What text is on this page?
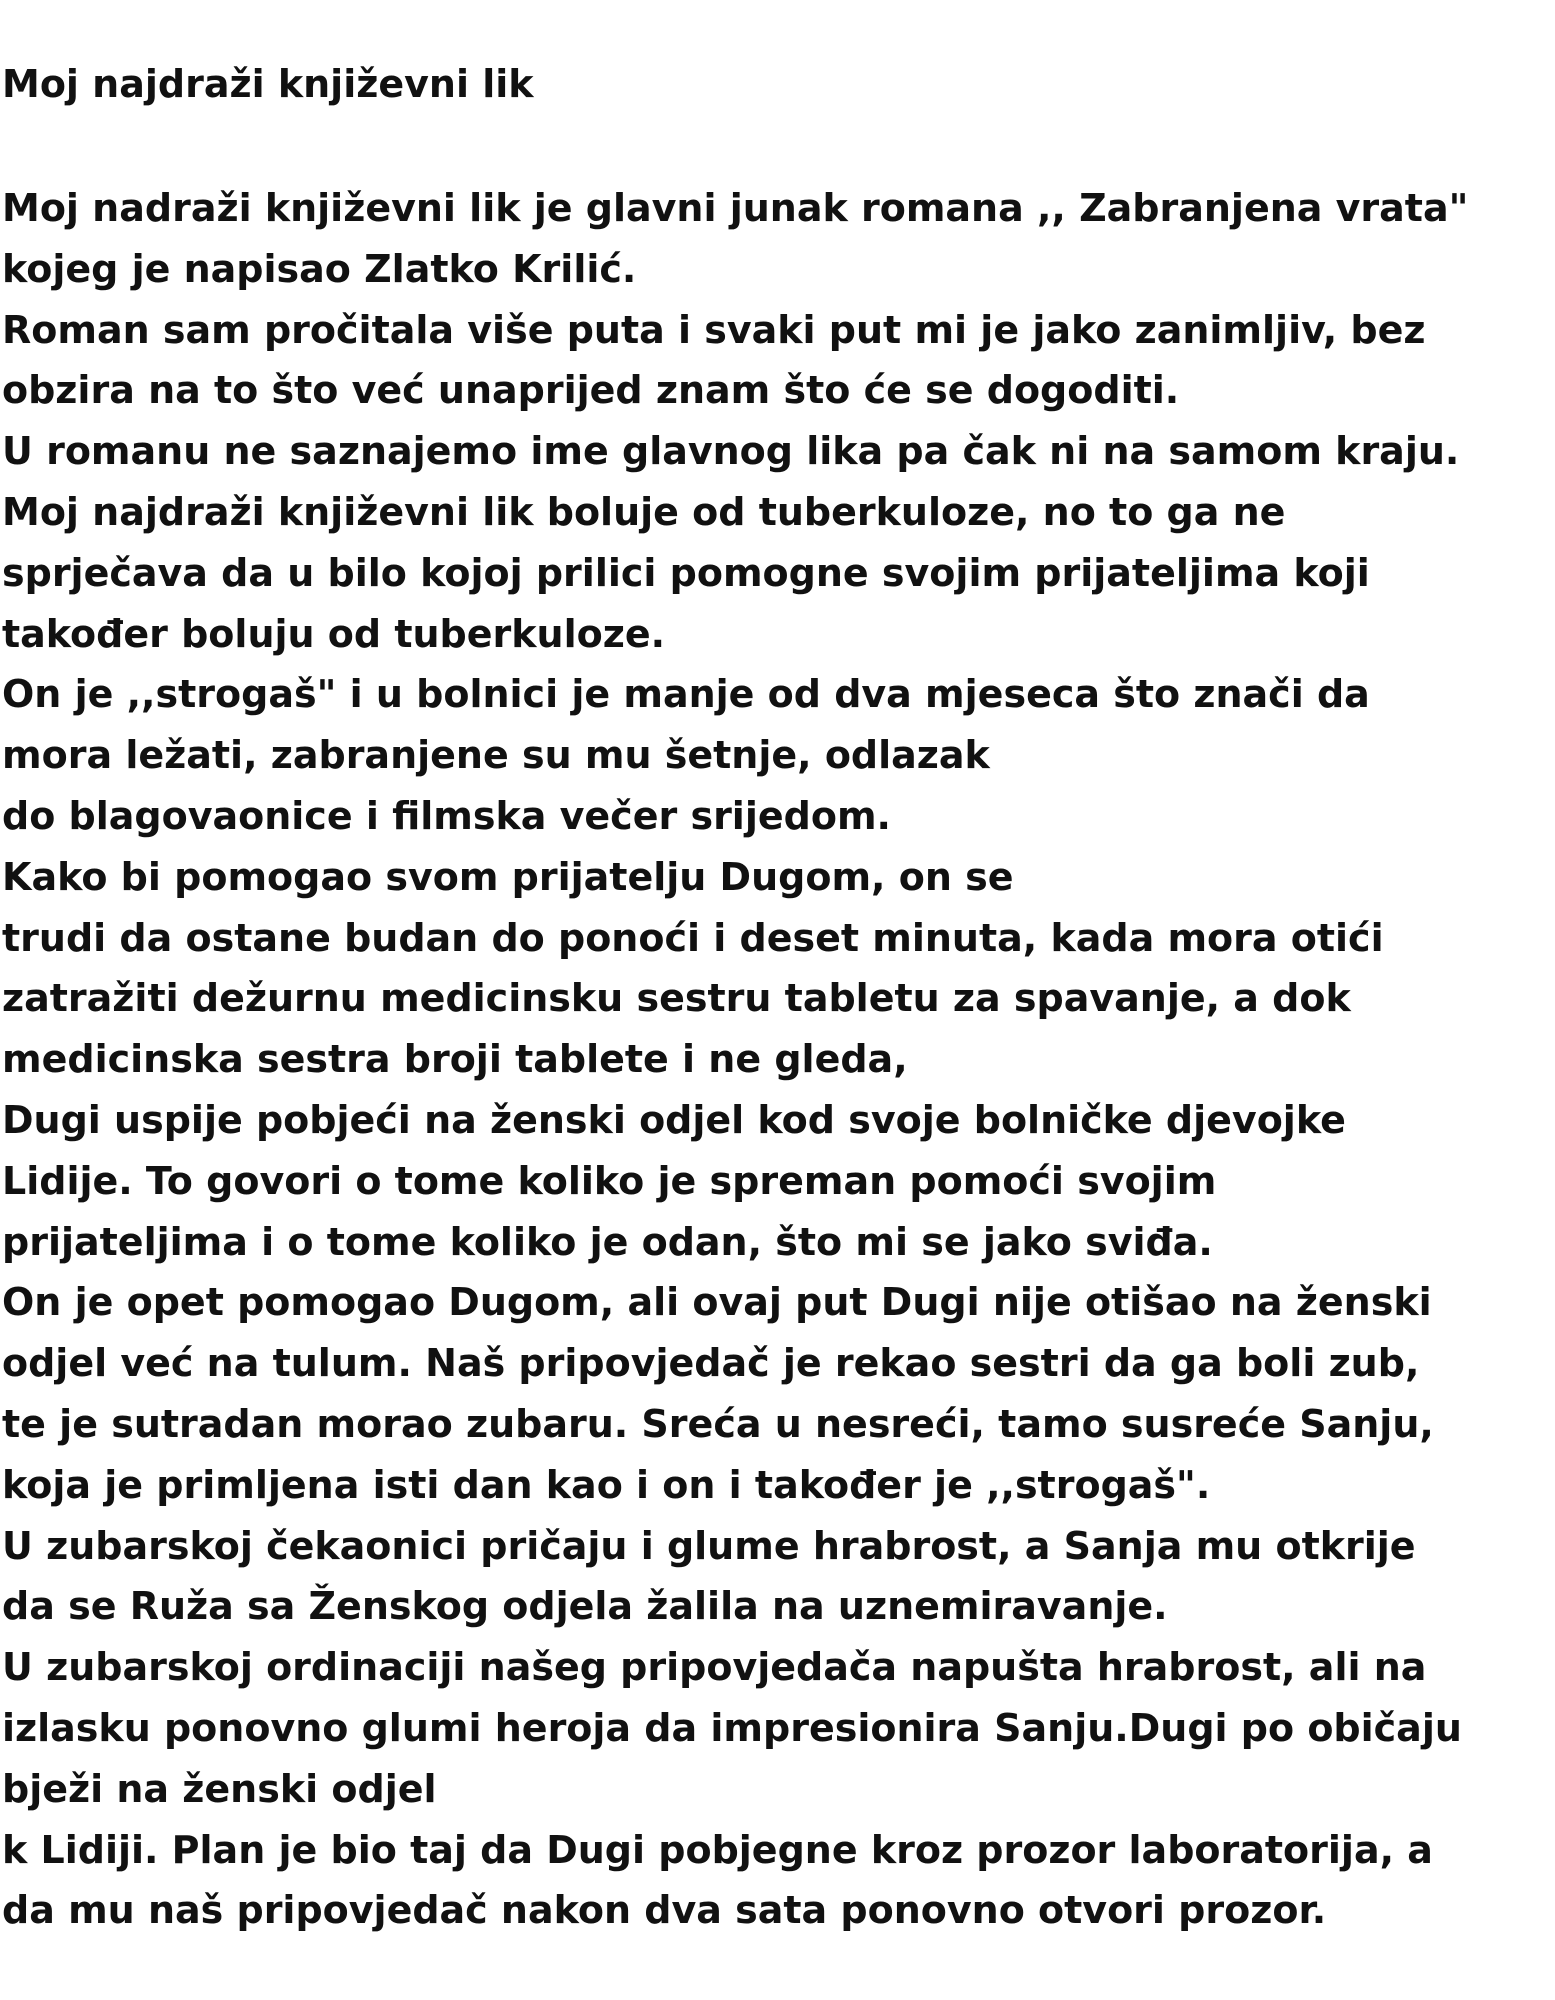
Moj najdraži književni lik
Moj nadraži književni lik je glavni junak romana ,, Zabranjena vrata"
kojeg je napisao Zlatko Krilić.
Roman sam pročitala više puta i svaki put mi je jako zanimljiv, bez
obzira na to što već unaprijed znam što će se dogoditi.
U romanu ne saznajemo ime glavnog lika pa čak ni na samom kraju.
Moj najdraži književni lik boluje od tuberkuloze, no to ga ne
sprječava da u bilo kojoj prilici pomogne svojim prijateljima koji
također boluju od tuberkuloze.
On je ,,strogaš" i u bolnici je manje od dva mjeseca što znači da
mora ležati, zabranjene su mu šetnje, odlazak
do blagovaonice i filmska večer srijedom.
Kako bi pomogao svom prijatelju Dugom, on se
trudi da ostane budan do ponoći i deset minuta, kada mora otići
zatražiti dežurnu medicinsku sestru tabletu za spavanje, a dok
medicinska sestra broji tablete i ne gleda,
Dugi uspije pobjeći na ženski odjel kod svoje bolničke djevojke
Lidije. To govori o tome koliko je spreman pomoći svojim
prijateljima i o tome koliko je odan, što mi se jako sviđa.
On je opet pomogao Dugom, ali ovaj put Dugi nije otišao na ženski
odjel već na tulum. Naš pripovjedač je rekao sestri da ga boli zub,
te je sutradan morao zubaru. Sreća u nesreći, tamo susreće Sanju,
koja je primljena isti dan kao i on i također je ,,strogaš".
U zubarskoj čekaonici pričaju i glume hrabrost, a Sanja mu otkrije
da se Ruža sa Ženskog odjela žalila na uznemiravanje.
U zubarskoj ordinaciji našeg pripovjedača napušta hrabrost, ali na
izlasku ponovno glumi heroja da impresionira Sanju.Dugi po običaju
bježi na ženski odjel
k Lidiji. Plan je bio taj da Dugi pobjegne kroz prozor laboratorija, a
da mu naš pripovjedač nakon dva sata ponovno otvori prozor.
